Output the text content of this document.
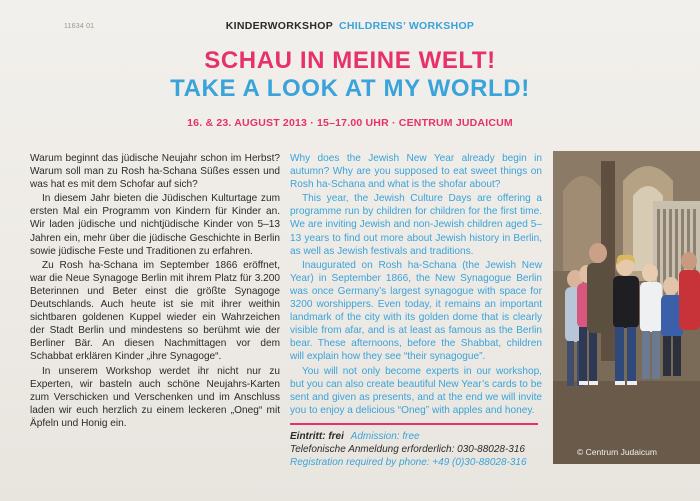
11634 01	KINDERWORKSHOP CHILDRENS’ WORKSHOP
SCHAU IN MEINE WELT!
TAKE A LOOK AT MY WORLD!
16. & 23. AUGUST 2013 · 15–17.00 UHR · CENTRUM JUDAICUM

Warum beginnt das jüdische Neujahr schon im Herbst? Warum soll man zu Rosh ha-Schana Süßes essen und was hat es mit dem Schofar auf sich?

In diesem Jahr bieten die Jüdischen Kulturtage zum ersten Mal ein Programm von Kindern für Kinder an. Wir laden jüdische und nichtjüdische Kinder von 5–13 Jahren ein, mehr über die jüdische Geschichte in Berlin sowie jüdische Feste und Traditionen zu erfahren.

Zu Rosh ha-Schana im September 1866 eröffnet, war die Neue Synagoge Berlin mit ihrem Platz für 3.200 Beterinnen und Beter einst die größte Synagoge Deutschlands. Auch heute ist sie mit ihrer weithin sichtbaren goldenen Kuppel wieder ein Wahrzeichen der Stadt Berlin und mindestens so berühmt wie der Berliner Bär. An diesen Nachmittagen vor dem Schabbat erklären Kinder „ihre Synagoge“.

In unserem Workshop werdet ihr nicht nur zu Experten, wir basteln auch schöne Neujahrs-Karten zum Verschicken und Verschenken und im Anschluss laden wir euch herzlich zu einem leckeren „Oneg“ mit Äpfeln und Honig ein.

Why does the Jewish New Year already begin in autumn? Why are you supposed to eat sweet things on Rosh ha-Schana and what is the shofar about?

This year, the Jewish Culture Days are offering a programme run by children for children for the first time. We are inviting Jewish and non-Jewish children aged 5–13 years to find out more about Jewish history in Berlin, as well as Jewish festivals and traditions.

Inaugurated on Rosh ha-Schana (the Jewish New Year) in September 1866, the New Synagogue Berlin was once Germany’s largest synagogue with space for 3200 worshippers. Even today, it remains an important landmark of the city with its golden dome that is clearly visible from afar, and is at least as famous as the Berlin bear. These afternoons, before the Shabbat, children will explain how they see “their synagogue”.

You will not only become experts in our workshop, but you can also create beautiful New Year’s cards to be sent and given as presents, and at the end we will invite you to enjoy a delicious “Oneg” with apples and honey.

Eintritt: frei Admission: free
Telefonische Anmeldung erforderlich: 030-88028-316
Registration required by phone: +49 (0)30-88028-316
© Centrum Judaicum
